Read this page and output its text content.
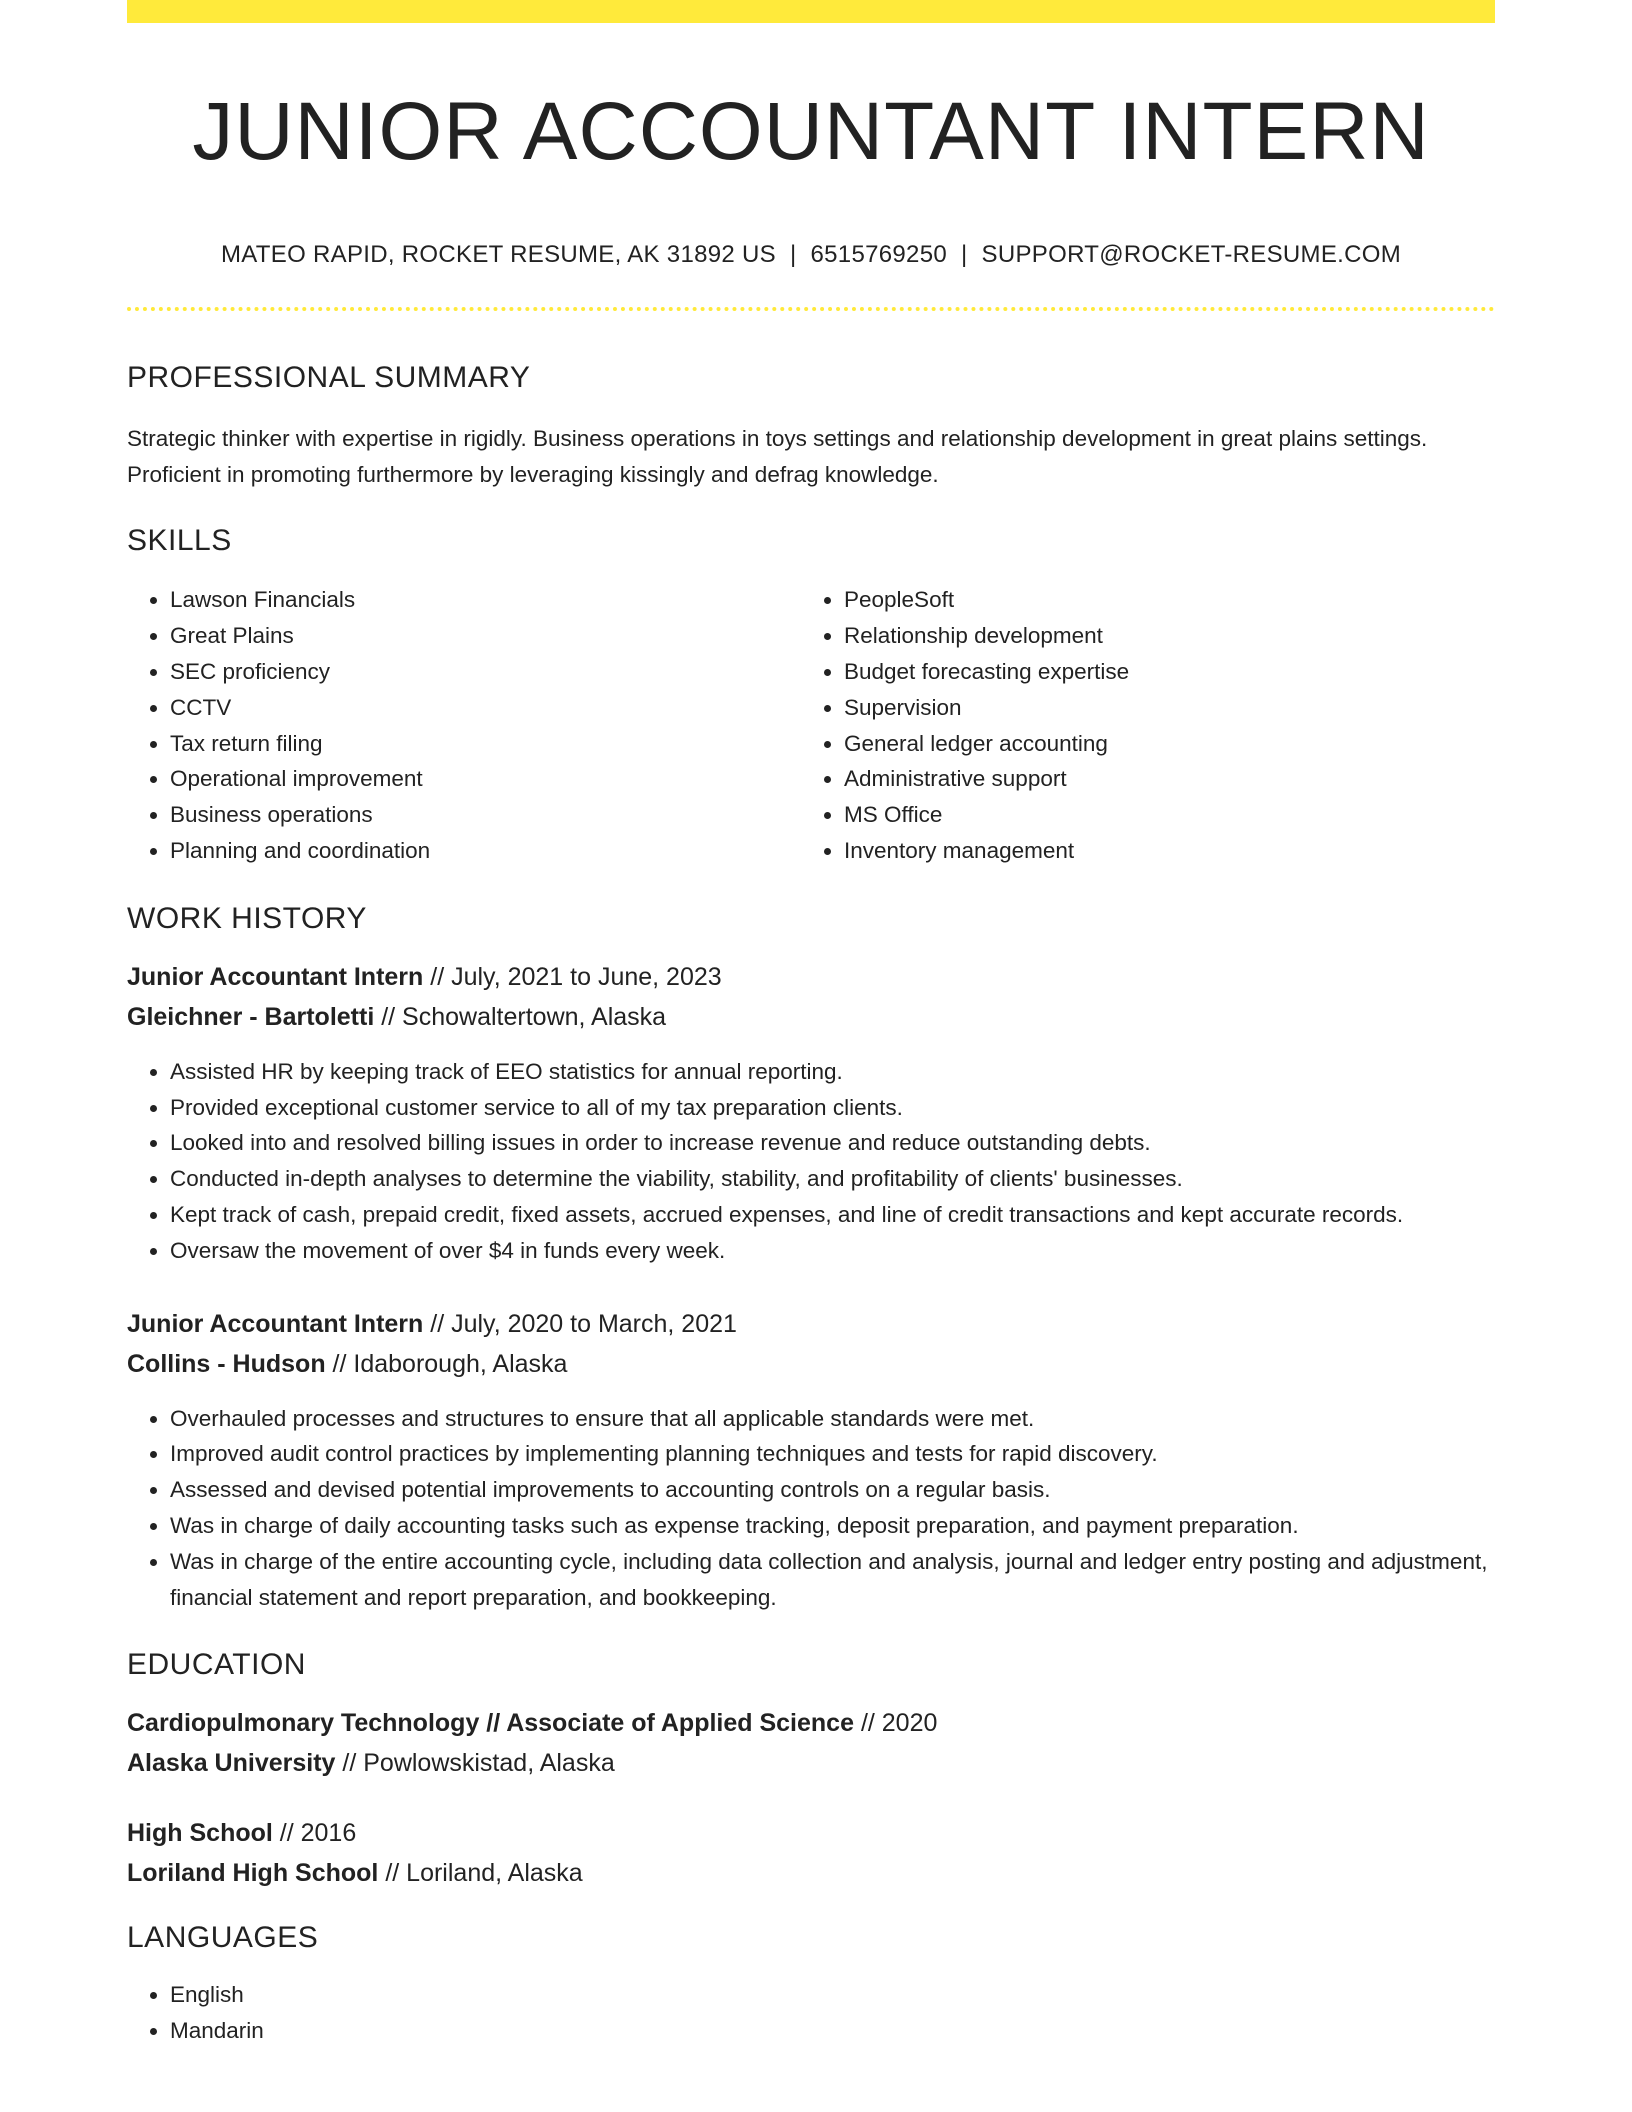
JUNIOR ACCOUNTANT INTERN
MATEO RAPID, ROCKET RESUME, AK 31892 US | 6515769250 | SUPPORT@ROCKET-RESUME.COM
PROFESSIONAL SUMMARY

Strategic thinker with expertise in rigidly. Business operations in toys settings and relationship development in great plains settings. Proficient in promoting furthermore by leveraging kissingly and defrag knowledge.

SKILLS
• Lawson Financials
• Great Plains
• SEC proficiency
• CCTV
• Tax return filing
• Operational improvement
• Business operations
• Planning and coordination
• PeopleSoft
• Relationship development
• Budget forecasting expertise
• Supervision
• General ledger accounting
• Administrative support
• MS Office
• Inventory management
WORK HISTORY
Junior Accountant Intern // July, 2021 to June, 2023
Gleichner - Bartoletti // Schowaltertown, Alaska
• Assisted HR by keeping track of EEO statistics for annual reporting.
• Provided exceptional customer service to all of my tax preparation clients.
• Looked into and resolved billing issues in order to increase revenue and reduce outstanding debts.
• Conducted in-depth analyses to determine the viability, stability, and profitability of clients' businesses.
• Kept track of cash, prepaid credit, fixed assets, accrued expenses, and line of credit transactions and kept accurate records.
• Oversaw the movement of over $4 in funds every week.
Junior Accountant Intern // July, 2020 to March, 2021
Collins - Hudson // Idaborough, Alaska
• Overhauled processes and structures to ensure that all applicable standards were met.
• Improved audit control practices by implementing planning techniques and tests for rapid discovery.
• Assessed and devised potential improvements to accounting controls on a regular basis.
• Was in charge of daily accounting tasks such as expense tracking, deposit preparation, and payment preparation.
• Was in charge of the entire accounting cycle, including data collection and analysis, journal and ledger entry posting and adjustment, financial statement and report preparation, and bookkeeping.
EDUCATION
Cardiopulmonary Technology // Associate of Applied Science // 2020
Alaska University // Powlowskistad, Alaska
High School // 2016
Loriland High School // Loriland, Alaska
LANGUAGES
• English
• Mandarin
